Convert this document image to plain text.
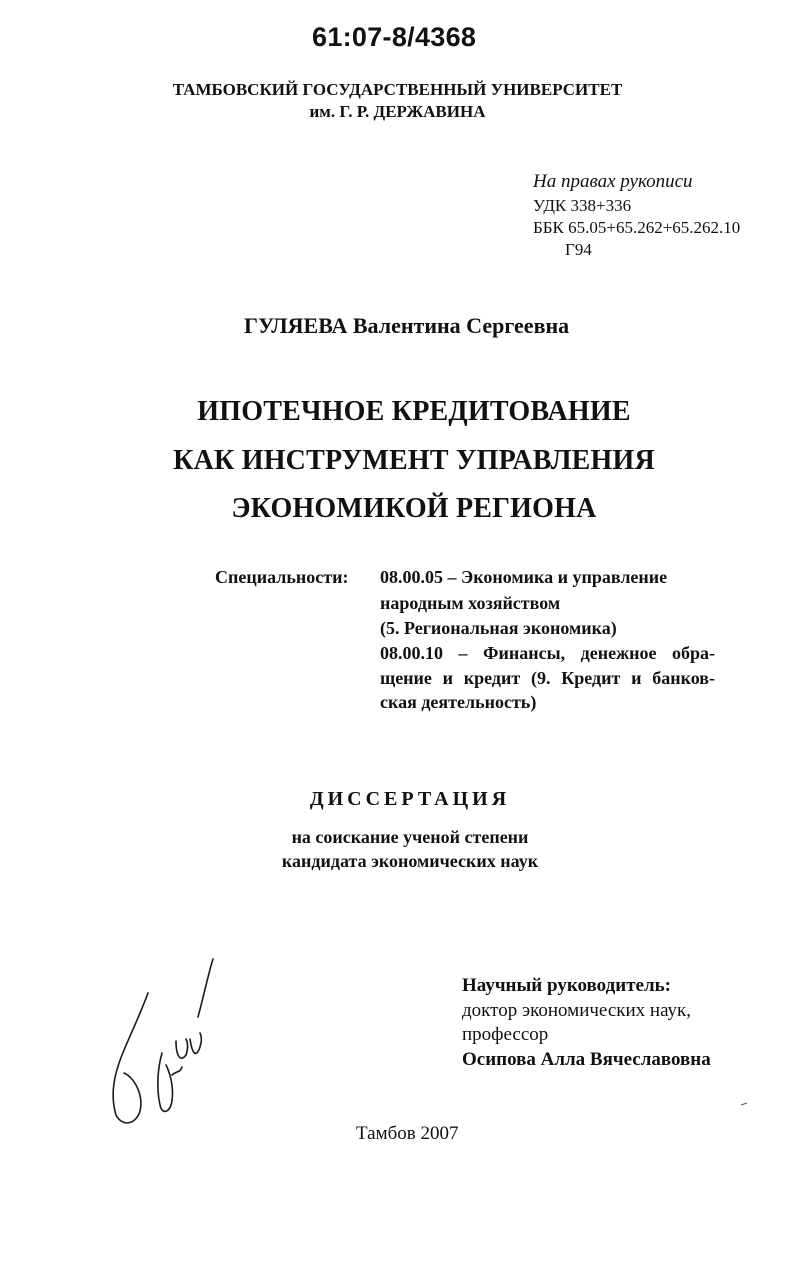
61:07-8/4368
ТАМБОВСКИЙ ГОСУДАРСТВЕННЫЙ УНИВЕРСИТЕТ
им. Г. Р. ДЕРЖАВИНА
На правах рукописи
УДК 338+336
ББК 65.05+65.262+65.262.10
Г94
ГУЛЯЕВА Валентина Сергеевна
ИПОТЕЧНОЕ КРЕДИТОВАНИЕ
КАК ИНСТРУМЕНТ УПРАВЛЕНИЯ
ЭКОНОМИКОЙ РЕГИОНА
Специальности: 08.00.05 – Экономика и управление
народным хозяйством
(5. Региональная экономика)
08.00.10 – Финансы, денежное обра-
щение и кредит (9. Кредит и банков-
ская деятельность)
ДИССЕРТАЦИЯ
на соискание ученой степени
кандидата экономических наук
Научный руководитель:
доктор экономических наук,
профессор
Осипова Алла Вячеславовна
Тамбов 2007
